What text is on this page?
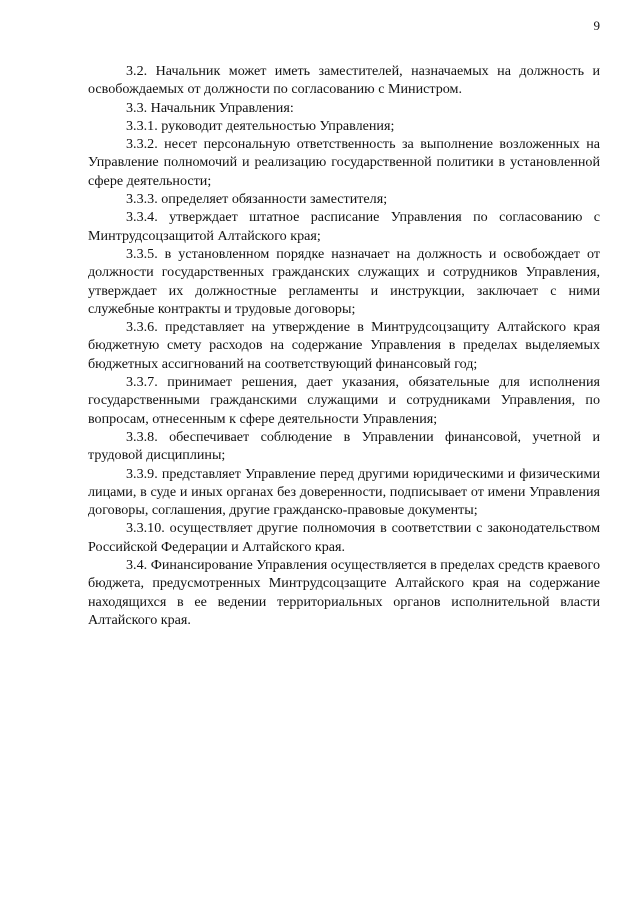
9

3.2. Начальник может иметь заместителей, назначаемых на должность и освобождаемых от должности по согласованию с Министром.

3.3. Начальник Управления:

3.3.1. руководит деятельностью Управления;

3.3.2. несет персональную ответственность за выполнение возложенных на Управление полномочий и реализацию государственной политики в установленной сфере деятельности;

3.3.3. определяет обязанности заместителя;

3.3.4. утверждает штатное расписание Управления по согласованию с Минтрудсоцзащитой Алтайского края;

3.3.5. в установленном порядке назначает на должность и освобождает от должности государственных гражданских служащих и сотрудников Управления, утверждает их должностные регламенты и инструкции, заключает с ними служебные контракты и трудовые договоры;

3.3.6. представляет на утверждение в Минтрудсоцзащиту Алтайского края бюджетную смету расходов на содержание Управления в пределах выделяемых бюджетных ассигнований на соответствующий финансовый год;

3.3.7. принимает решения, дает указания, обязательные для исполнения государственными гражданскими служащими и сотрудниками Управления, по вопросам, отнесенным к сфере деятельности Управления;

3.3.8. обеспечивает соблюдение в Управлении финансовой, учетной и трудовой дисциплины;

3.3.9. представляет Управление перед другими юридическими и физическими лицами, в суде и иных органах без доверенности, подписывает от имени Управления договоры, соглашения, другие гражданско-правовые документы;

3.3.10. осуществляет другие полномочия в соответствии с законодательством Российской Федерации и Алтайского края.

3.4. Финансирование Управления осуществляется в пределах средств краевого бюджета, предусмотренных Минтрудсоцзащите Алтайского края на содержание находящихся в ее ведении территориальных органов исполнительной власти Алтайского края.
